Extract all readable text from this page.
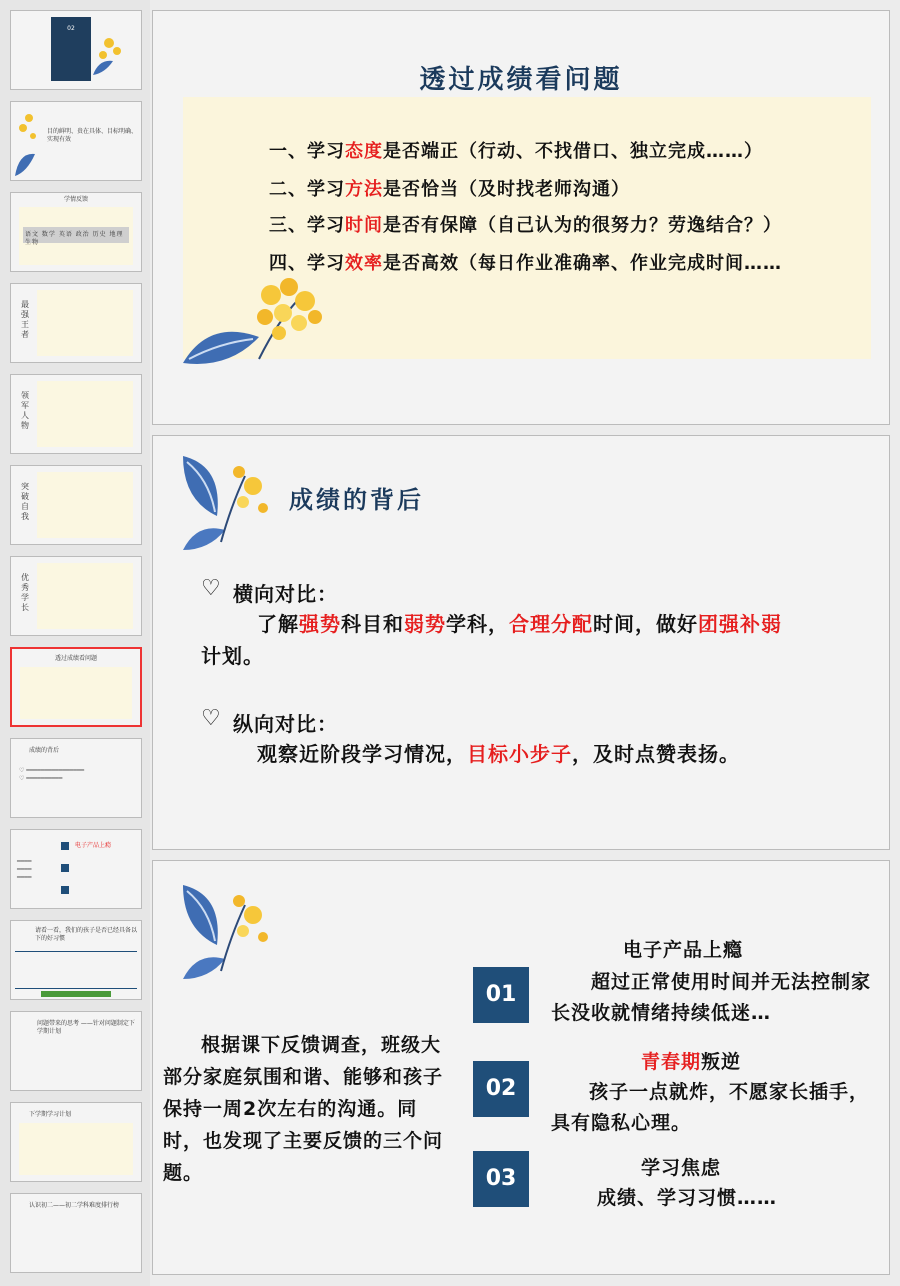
02
目的鲜明、贵在具体、目标明确、实现有效
学情反馈
语文 数学 英语 政治 历史 地理 生物
最强王者
领军人物
突破自我
优秀学长
透过成绩看问题
成绩的背后
♡ ━━━━━━━━━━━━━━━━
♡ ━━━━━━━━━━
电子产品上瘾
━━━━
━━━━
━━━━
请看一看，我们的孩子是否已经具备以下的好习惯
问题带来的思考 ——针对问题制定下学期计划
下学期学习计划
认识初二——初二学科难度排行榜
透过成绩看问题
一、学习态度是否端正（行动、不找借口、独立完成……）
二、学习方法是否恰当（及时找老师沟通）
三、学习时间是否有保障（自己认为的很努力？劳逸结合？）
四、学习效率是否高效（每日作业准确率、作业完成时间……
成绩的背后
♡ 横向对比：
了解强势科目和弱势学科，合理分配时间，做好团强补弱
计划。
♡ 纵向对比：
观察近阶段学习情况，目标小步子，及时点赞表扬。
根据课下反馈调查，班级大部分家庭氛围和谐、能够和孩子保持一周2次左右的沟通。同时，也发现了主要反馈的三个问题。
01
02
03
电子产品上瘾
超过正常使用时间并无法控制家长没收就情绪持续低迷…
青春期叛逆
孩子一点就炸，不愿家长插手，具有隐私心理。
学习焦虑
成绩、学习习惯……
